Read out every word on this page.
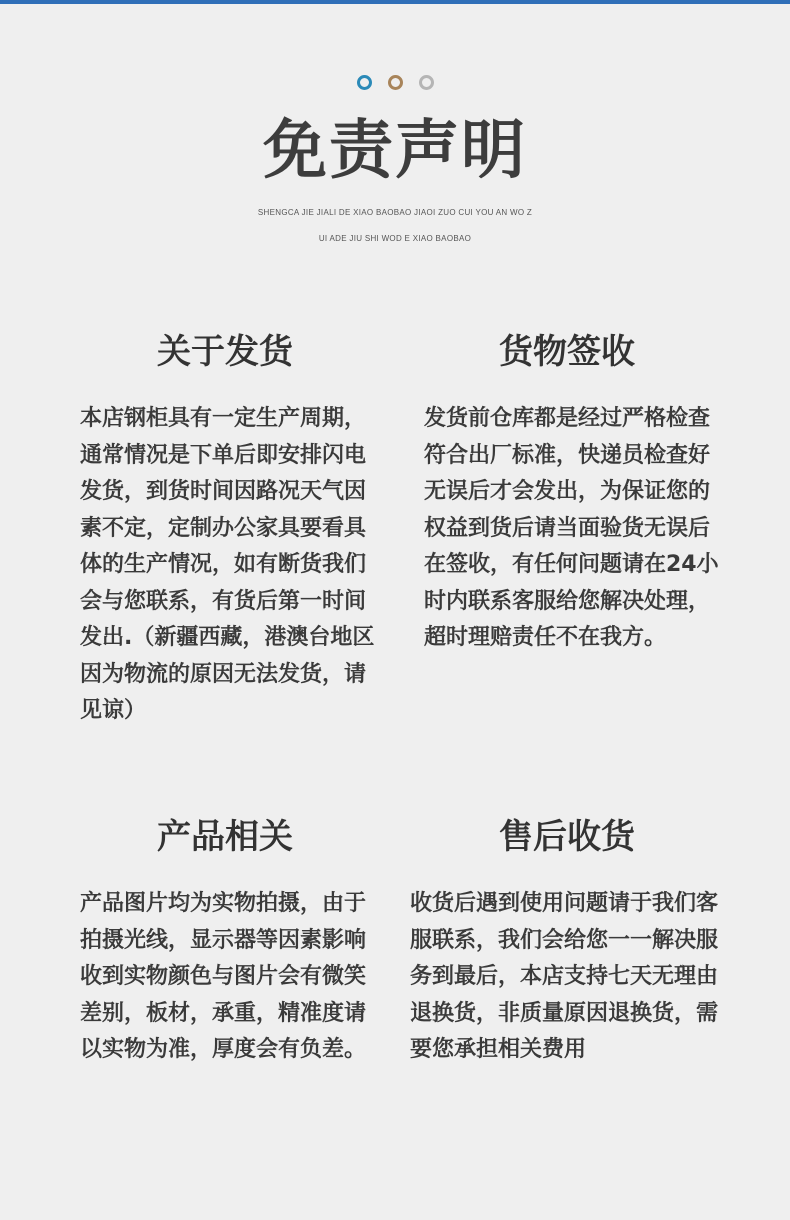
免责声明
SHENGCA JIE JIALI DE XIAO BAOBAO JIAOI ZUO CUI YOU AN WO Z
UI ADE JIU SHI WOD E XIAO BAOBAO
关于发货
本店钢柜具有一定生产周期，通常情况是下单后即安排闪电发货，到货时间因路况天气因素不定，定制办公家具要看具体的生产情况，如有断货我们会与您联系，有货后第一时间发出.（新疆西藏，港澳台地区因为物流的原因无法发货，请见谅）
货物签收
发货前仓库都是经过严格检查符合出厂标准，快递员检查好无误后才会发出，为保证您的权益到货后请当面验货无误后在签收，有任何问题请在24小时内联系客服给您解决处理，超时理赔责任不在我方。
产品相关
产品图片均为实物拍摄，由于拍摄光线，显示器等因素影响收到实物颜色与图片会有微笑差别，板材，承重，精准度请以实物为准，厚度会有负差。
售后收货
收货后遇到使用问题请于我们客服联系，我们会给您一一解决服务到最后，本店支持七天无理由退换货，非质量原因退换货，需要您承担相关费用
